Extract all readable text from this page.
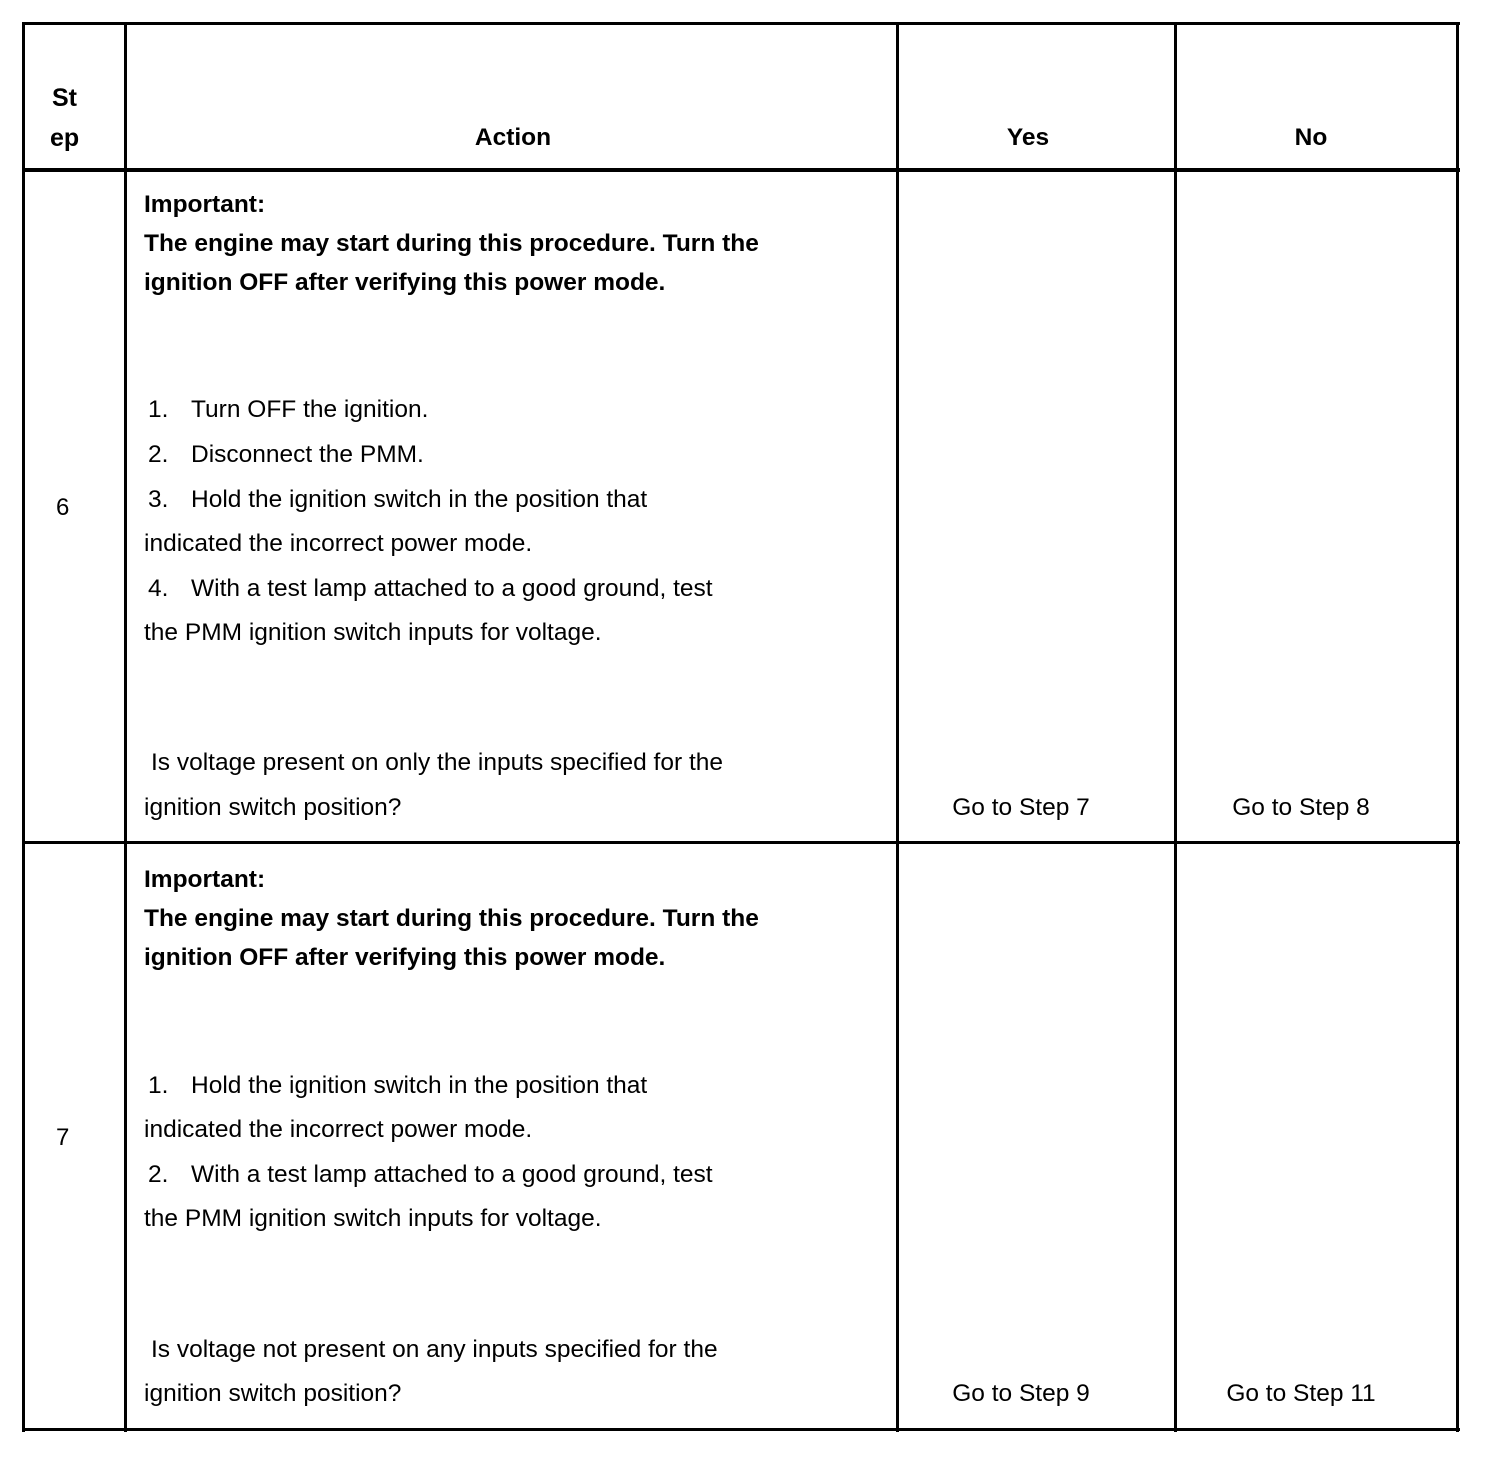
St
ep	Action	Yes	No
6
Important:
The engine may start during this procedure. Turn the
ignition OFF after verifying this power mode.
1. Turn OFF the ignition.
2. Disconnect the PMM.
3. Hold the ignition switch in the position that
indicated the incorrect power mode.
4. With a test lamp attached to a good ground, test
the PMM ignition switch inputs for voltage.
Is voltage present on only the inputs specified for the
ignition switch position?	Go to Step 7	Go to Step 8
7
Important:
The engine may start during this procedure. Turn the
ignition OFF after verifying this power mode.
1. Hold the ignition switch in the position that
indicated the incorrect power mode.
2. With a test lamp attached to a good ground, test
the PMM ignition switch inputs for voltage.
Is voltage not present on any inputs specified for the
ignition switch position?	Go to Step 9	Go to Step 11
